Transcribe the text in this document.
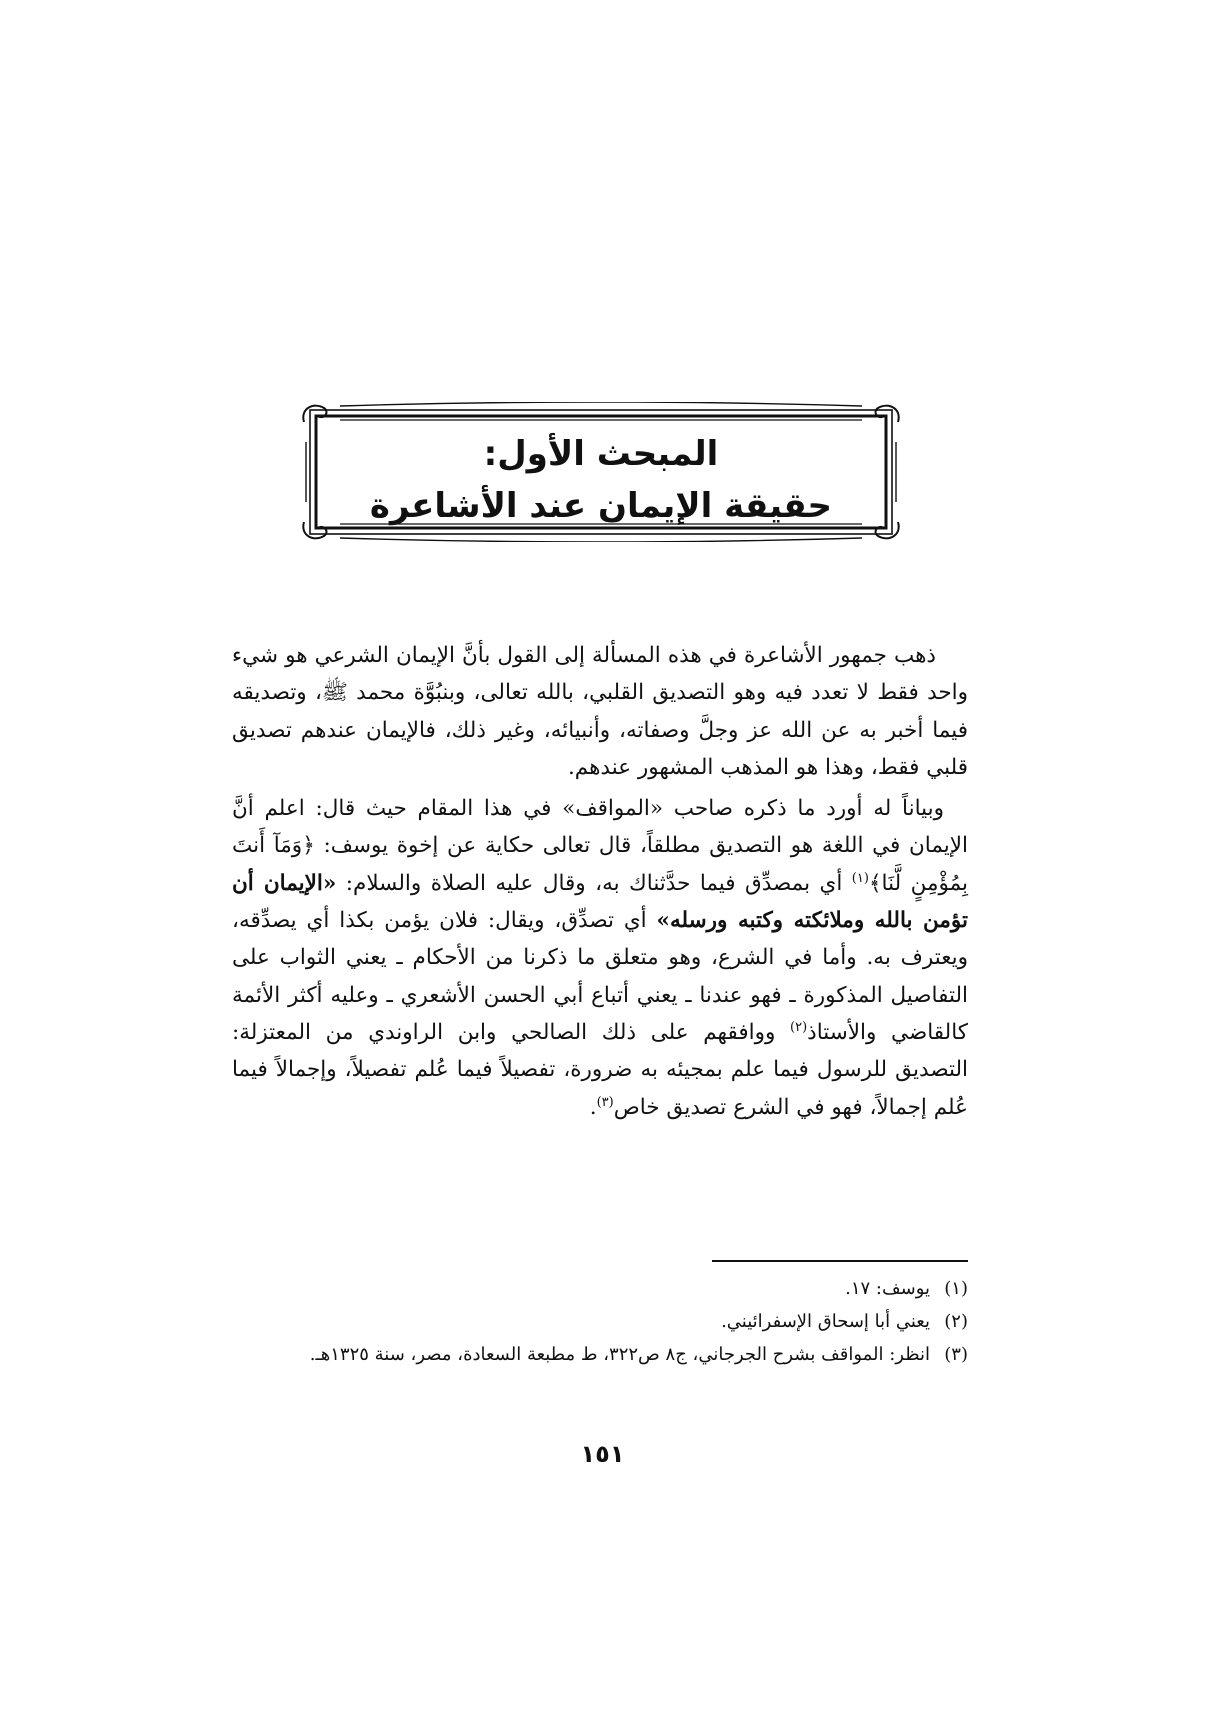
المبحث الأول:
حقيقة الإيمان عند الأشاعرة

ذهب جمهور الأشاعرة في هذه المسألة إلى القول بأنَّ الإيمان الشرعي هو شيء واحد فقط لا تعدد فيه وهو التصديق القلبي، بالله تعالى، وبنبُوَّة محمد ﷺ، وتصديقه فيما أخبر به عن الله عز وجلَّ وصفاته، وأنبيائه، وغير ذلك، فالإيمان عندهم تصديق قلبي فقط، وهذا هو المذهب المشهور عندهم.

وبياناً له أورد ما ذكره صاحب «المواقف» في هذا المقام حيث قال: اعلم أنَّ الإيمان في اللغة هو التصديق مطلقاً، قال تعالى حكاية عن إخوة يوسف: ﴿وَمَآ أَنتَ بِمُؤْمِنٍ لَّنَا﴾$^{(١)}$ أي بمصدِّق فيما حدَّثناك به، وقال عليه الصلاة والسلام: «الإيمان أن تؤمن بالله وملائكته وكتبه ورسله» أي تصدِّق، ويقال: فلان يؤمن بكذا أي يصدِّقه، ويعترف به. وأما في الشرع، وهو متعلق ما ذكرنا من الأحكام ـ يعني الثواب على التفاصيل المذكورة ـ فهو عندنا ـ يعني أتباع أبي الحسن الأشعري ـ وعليه أكثر الأئمة كالقاضي والأستاذ$^{(٢)}$ ووافقهم على ذلك الصالحي وابن الراوندي من المعتزلة: التصديق للرسول فيما علم بمجيئه به ضرورة، تفصيلاً فيما عُلم تفصيلاً، وإجمالاً فيما عُلم إجمالاً، فهو في الشرع تصديق خاص$^{(٣)}$.

(١)
يوسف: ١٧.
(٢)
يعني أبا إسحاق الإسفرائيني.
(٣)
انظر: المواقف بشرح الجرجاني، ج٨ ص٣٢٢، ط مطبعة السعادة، مصر، سنة ١٣٢٥هـ.
١٥١
